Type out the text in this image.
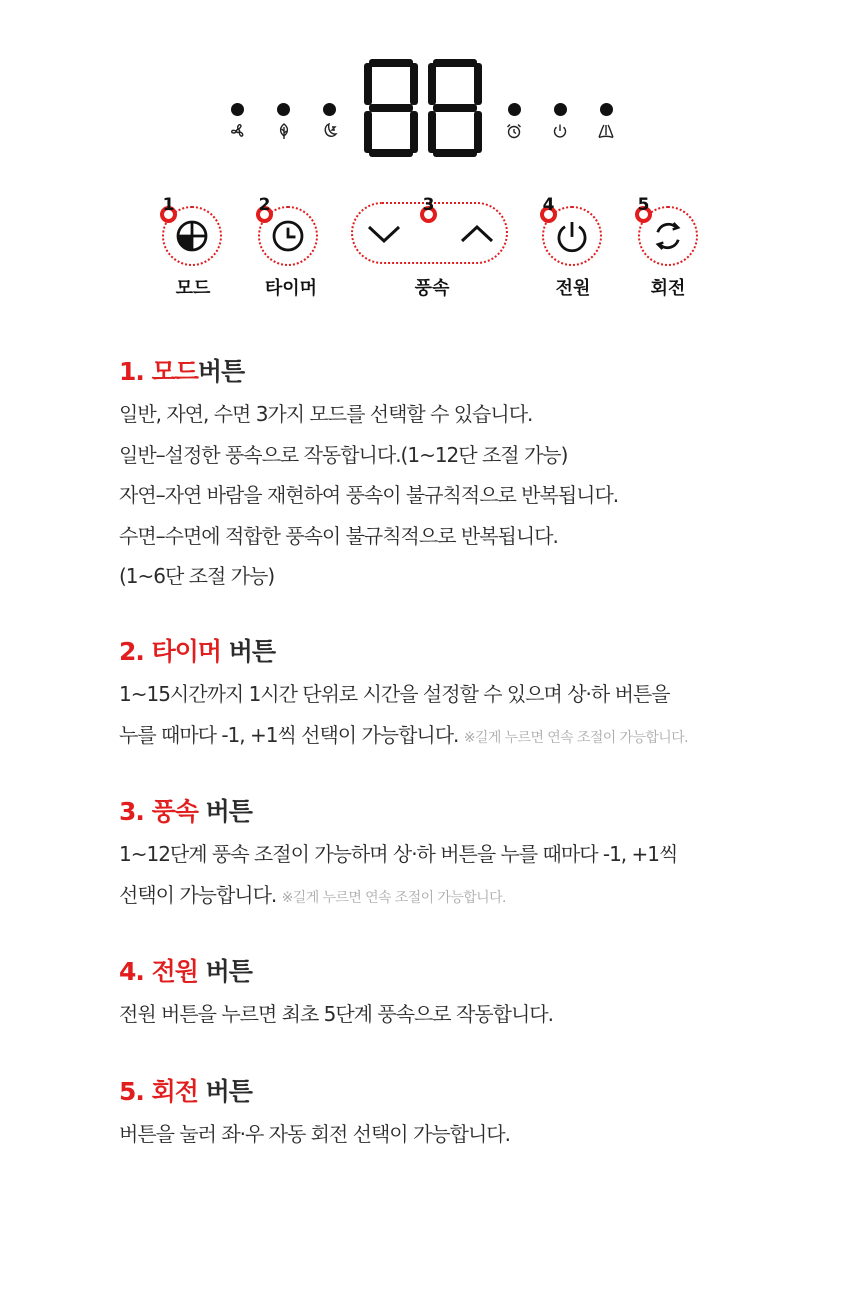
1	2	3	4	5
모드	타이머	풍속	전원	회전
1. 모드버튼
일반, 자연, 수면 3가지 모드를 선택할 수 있습니다.
일반–설정한 풍속으로 작동합니다.(1~12단 조절 가능)
자연–자연 바람을 재현하여 풍속이 불규칙적으로 반복됩니다.
수면–수면에 적합한 풍속이 불규칙적으로 반복됩니다.
(1~6단 조절 가능)
2. 타이머 버튼
1~15시간까지 1시간 단위로 시간을 설정할 수 있으며 상·하 버튼을
누를 때마다 -1, +1씩 선택이 가능합니다. ※길게 누르면 연속 조절이 가능합니다.
3. 풍속 버튼
1~12단계 풍속 조절이 가능하며 상·하 버튼을 누를 때마다 -1, +1씩
선택이 가능합니다. ※길게 누르면 연속 조절이 가능합니다.
4. 전원 버튼
전원 버튼을 누르면 최초 5단계 풍속으로 작동합니다.
5. 회전 버튼
버튼을 눌러 좌·우 자동 회전 선택이 가능합니다.
